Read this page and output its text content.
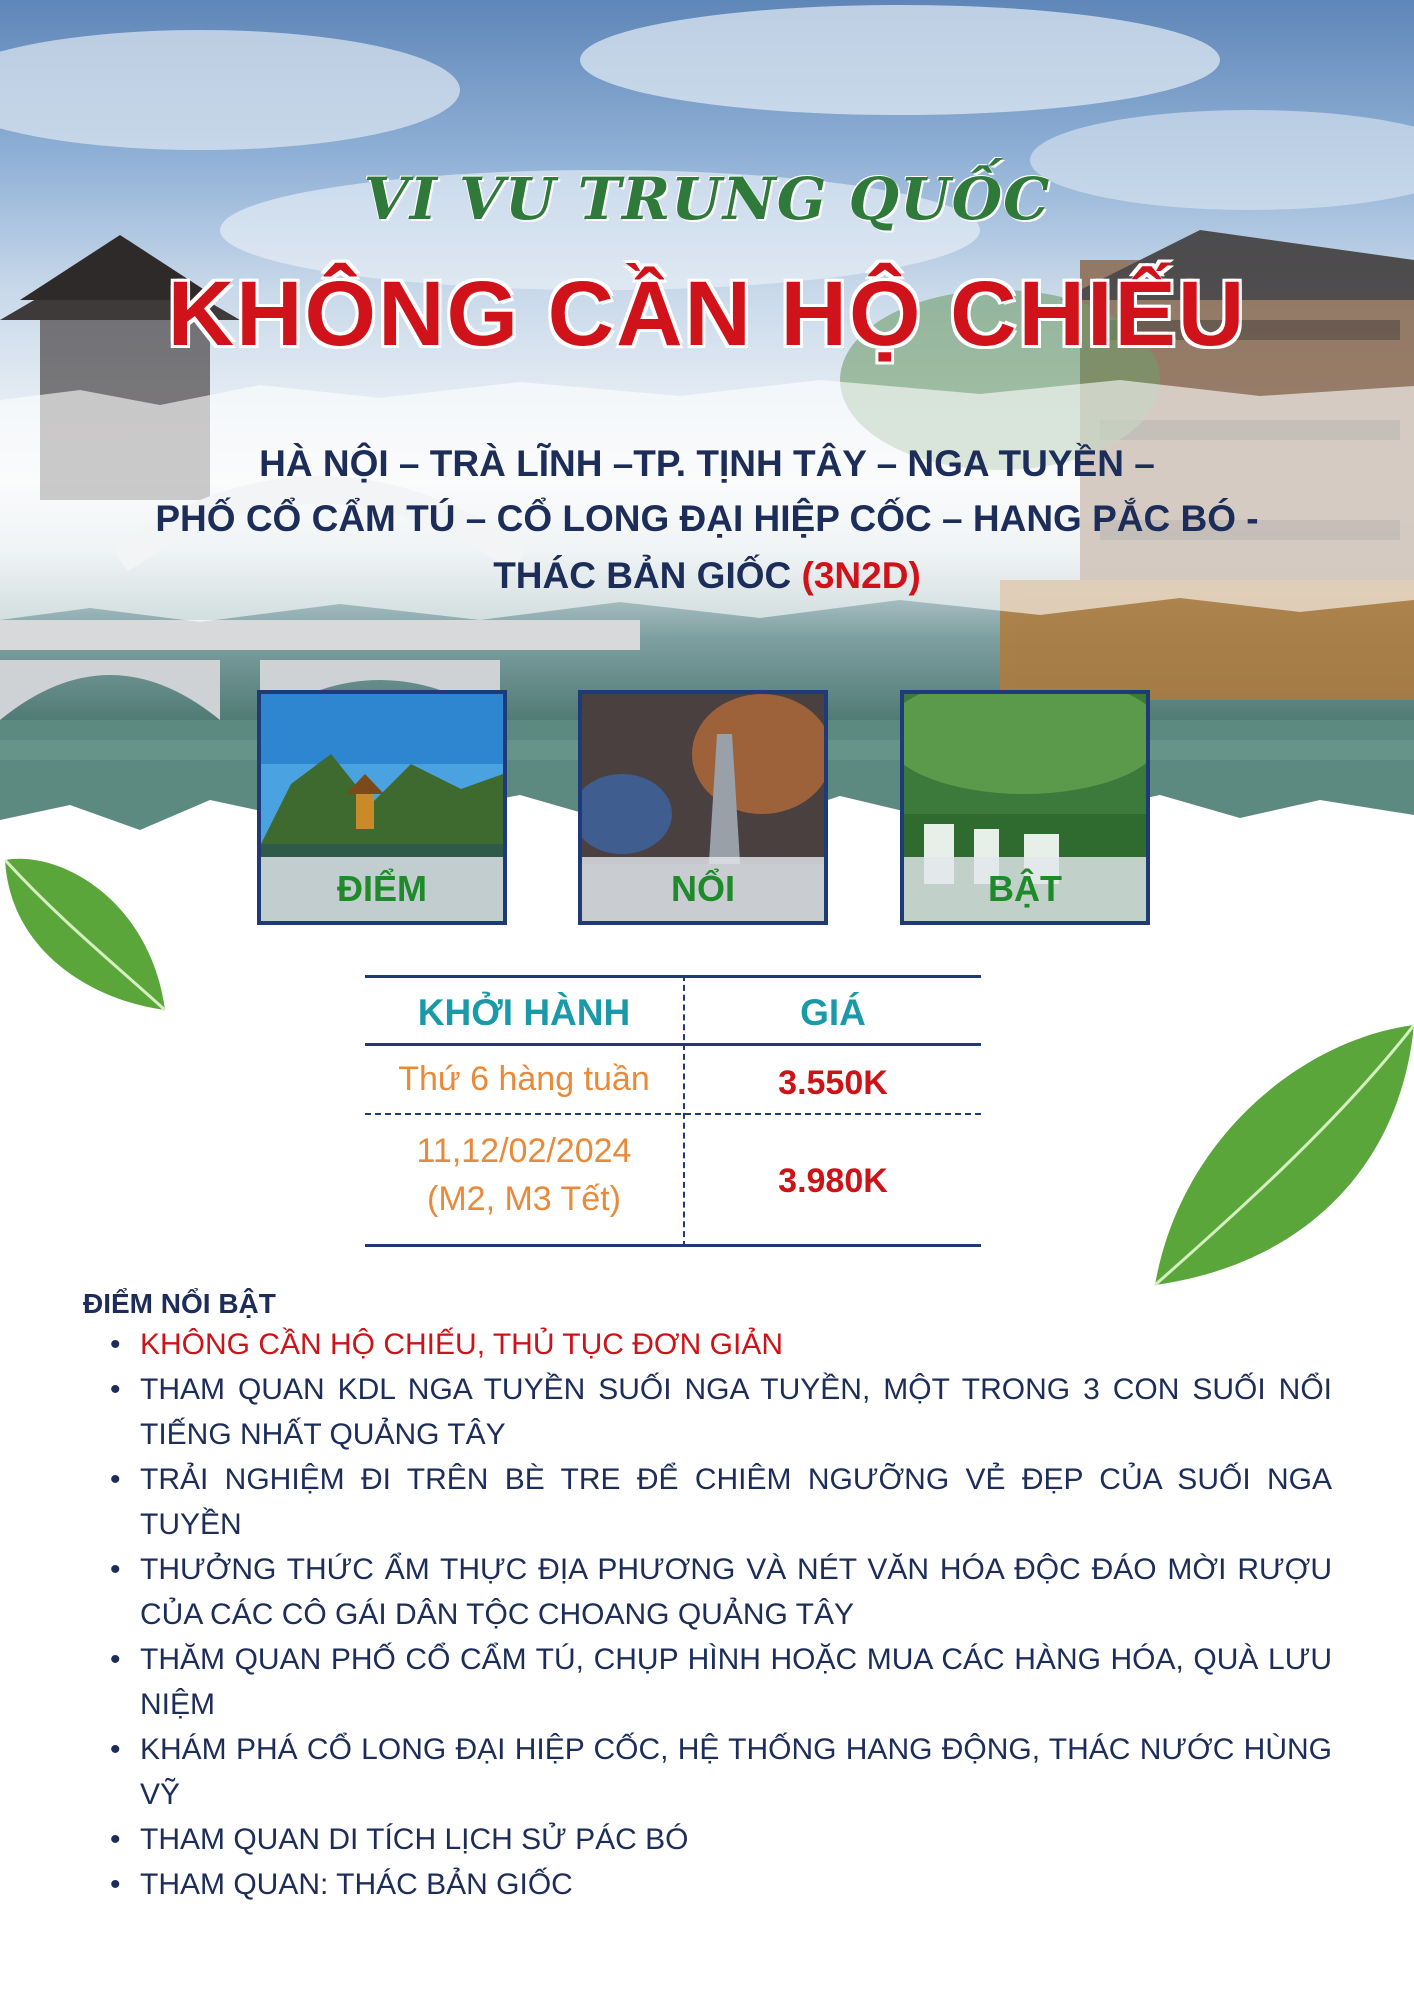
VI VU TRUNG QUỐC
KHÔNG CẦN HỘ CHIẾU
HÀ NỘI – TRÀ LĨNH –TP. TỊNH TÂY – NGA TUYỀN –
PHỐ CỔ CẨM TÚ – CỔ LONG ĐẠI HIỆP CỐC – HANG PẮC BÓ -
THÁC BẢN GIỐC (3N2D)
ĐIỂM	NỔI	BẬT
KHỞI HÀNH	GIÁ
Thứ 6 hàng tuần	3.550K
11,12/02/2024
(M2, M3 Tết)	3.980K
ĐIỂM NỔI BẬT
• KHÔNG CẦN HỘ CHIẾU, THỦ TỤC ĐƠN GIẢN
• THAM QUAN KDL NGA TUYỀN SUỐI NGA TUYỀN, MỘT TRONG 3 CON SUỐI NỔI TIẾNG NHẤT QUẢNG TÂY
• TRẢI NGHIỆM ĐI TRÊN BÈ TRE ĐỂ CHIÊM NGƯỠNG VẺ ĐẸP CỦA SUỐI NGA TUYỀN
• THƯỞNG THỨC ẨM THỰC ĐỊA PHƯƠNG VÀ NÉT VĂN HÓA ĐỘC ĐÁO MỜI RƯỢU CỦA CÁC CÔ GÁI DÂN TỘC CHOANG QUẢNG TÂY
• THĂM QUAN PHỐ CỔ CẨM TÚ, CHỤP HÌNH HOẶC MUA CÁC HÀNG HÓA, QUÀ LƯU NIỆM
• KHÁM PHÁ CỔ LONG ĐẠI HIỆP CỐC, HỆ THỐNG HANG ĐỘNG, THÁC NƯỚC HÙNG VỸ
• THAM QUAN DI TÍCH LỊCH SỬ PÁC BÓ
• THAM QUAN: THÁC BẢN GIỐC
